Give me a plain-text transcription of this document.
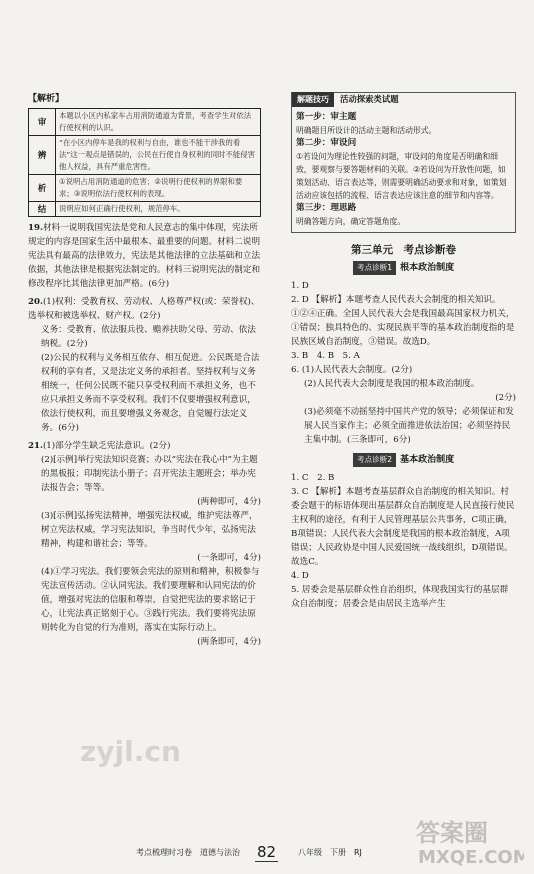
【解析】

审	本题以小区内私家车占用消防通道为背景，考查学生对依法行使权利的认识。
辨	“在小区内停车是我的权利与自由，谁也不能干涉我的看法”这一观点是错误的，公民在行使自身权利的同时不能侵害他人权益，具有严重危害性。

析	①说明占用消防通道的危害；②说明行使权利的界限和要求；③说明依法行使权利的表现。
结	说明应如何正确行使权利，规范停车。

19.材料一说明我国宪法是党和人民意志的集中体现，宪法所规定的内容是国家生活中最根本、最重要的问题。材料二说明宪法具有最高的法律效力，宪法是其他法律的立法基础和立法依据，其他法律是根据宪法制定的。材料三说明宪法的制定和修改程序比其他法律更加严格。(6分)

20.(1)权利：受教育权、劳动权、人格尊严权(或：荣誉权)、选举权和被选举权、财产权。(2分)

义务：受教育、依法服兵役、赡养扶助父母、劳动、依法纳税。(2分)

(2)公民的权利与义务相互依存、相互促进。公民既是合法权利的享有者，又是法定义务的承担者。坚持权利与义务相统一，任何公民既不能只享受权利而不承担义务，也不应只承担义务而不享受权利。我们不仅要增强权利意识，依法行使权利，而且要增强义务观念，自觉履行法定义务。(6分)

21.(1)部分学生缺乏宪法意识。(2分)

(2)[示例]举行宪法知识竞赛；办以“宪法在我心中”为主题的黑板报；印制宪法小册子；召开宪法主题班会；举办宪法报告会；等等。

(两种即可，4分)

(3)[示例]弘扬宪法精神，增强宪法权威，维护宪法尊严，树立宪法权威，学习宪法知识，争当时代少年，弘扬宪法精神，构建和谐社会；等等。

(一条即可，4分)

(4)①学习宪法。我们要领会宪法的原则和精神，积极参与宪法宣传活动。②认同宪法。我们要理解和认同宪法的价值，增强对宪法的信服和尊崇，自觉把宪法的要求铭记于心，让宪法真正铭刻于心。③践行宪法。我们要将宪法原则转化为自觉的行为准则，落实在实际行动上。

(两条即可，4分)

解题技巧	活动探索类试题

第一步：审主题

明确题目所设计的活动主题和活动形式。

第二步：审设问

①若设问为理论性较强的问题，审设问的角度是否明确和细致，要观察与要答题材料的关联。②若设问为开放性问题，如策划活动、语言表达等，则需要明确活动要求和对象，如策划活动应该包括的流程、语言表达应该注意的细节和内容等。

第三步：理思路

明确答题方向，确定答题角度。

第三单元　考点诊断卷

考点诊断1 根本政治制度

1. D

2. D 【解析】本题考查人民代表大会制度的相关知识。①②④正确。全国人民代表大会是我国最高国家权力机关，①错误；独具特色的、实现民族平等的基本政治制度指的是民族区域自治制度，③错误。故选D。

3. B　4. B　5. A

6. (1)人民代表大会制度。(2分)

(2)人民代表大会制度是我国的根本政治制度。

(2分)

(3)必须毫不动摇坚持中国共产党的领导；必须保证和发展人民当家作主；必须全面推进依法治国；必须坚持民主集中制。(三条即可，6分)

考点诊断2 基本政治制度

1. C　2. B

3. C 【解析】本题考查基层群众自治制度的相关知识。村委会题干的标语体现出基层群众自治制度是人民直接行使民主权利的途径，有利于人民管理基层公共事务，C项正确，B项错误；人民代表大会制度是我国的根本政治制度，A项错误；人民政协是中国人民爱国统一战线组织，D项错误。故选C。

4. D

5. 居委会是基层群众性自治组织，体现我国实行的基层群众自治制度；居委会是由居民主选举产生

zyjl.cn
考点梳理时习卷　道德与法治 82	八年级　下册　RJ
答案圈
MXQE.COM
